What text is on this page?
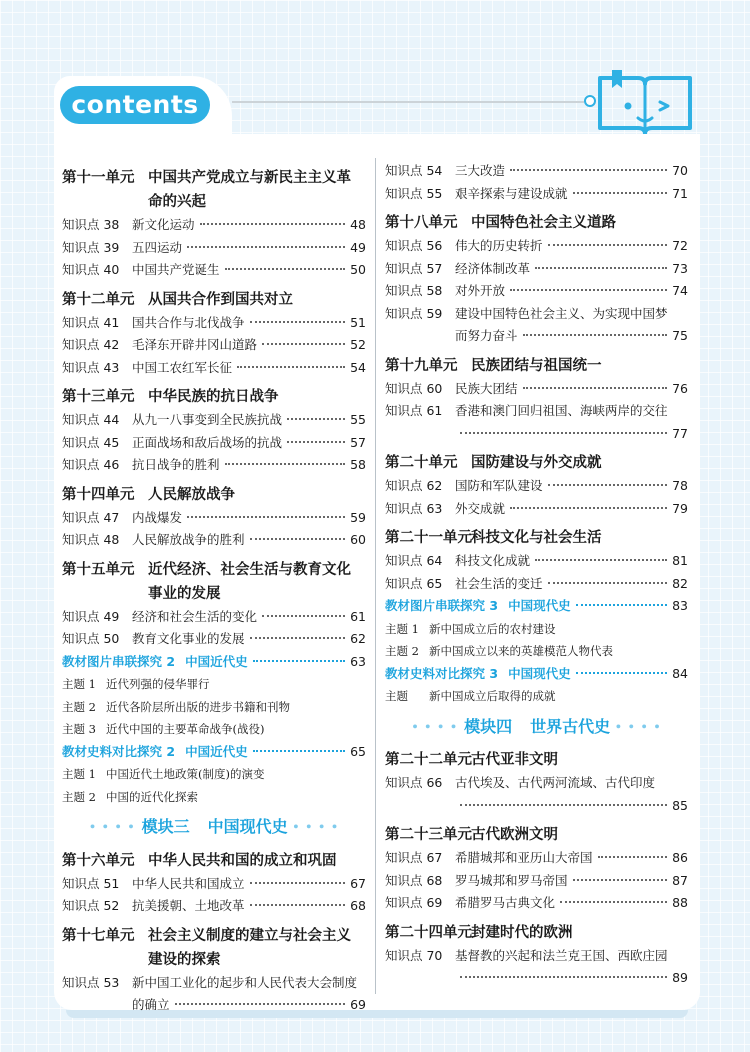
contents
第十一单元 中国共产党成立与新民主主义革
命的兴起
知识点 38	新文化运动	48
知识点 39	五四运动	49
知识点 40	中国共产党诞生	50
第十二单元 从国共合作到国共对立
知识点 41	国共合作与北伐战争	51
知识点 42	毛泽东开辟井冈山道路	52
知识点 43	中国工农红军长征	54
第十三单元 中华民族的抗日战争
知识点 44	从九一八事变到全民族抗战	55
知识点 45	正面战场和敌后战场的抗战	57
知识点 46	抗日战争的胜利	58
第十四单元 人民解放战争
知识点 47	内战爆发	59
知识点 48	人民解放战争的胜利	60
第十五单元 近代经济、社会生活与教育文化
事业的发展
知识点 49	经济和社会生活的变化	61
知识点 50	教育文化事业的发展	62
教材图片串联探究 2 中国近代史	63
主题 1 近代列强的侵华罪行
主题 2 近代各阶层所出版的进步书籍和刊物
主题 3 近代中国的主要革命战争(战役)
教材史料对比探究 2 中国近代史	65
主题 1 中国近代土地政策(制度)的演变
主题 2 中国的近代化探索
• • • • 模块三 中国现代史 • • • •
第十六单元 中华人民共和国的成立和巩固
知识点 51	中华人民共和国成立	67
知识点 52	抗美援朝、土地改革	68
第十七单元 社会主义制度的建立与社会主义
建设的探索
知识点 53	新中国工业化的起步和人民代表大会制度
的确立	69
知识点 54	三大改造	70
知识点 55	艰辛探索与建设成就	71
第十八单元 中国特色社会主义道路
知识点 56	伟大的历史转折	72
知识点 57	经济体制改革	73
知识点 58	对外开放	74
知识点 59	建设中国特色社会主义、为实现中国梦
而努力奋斗	75
第十九单元 民族团结与祖国统一
知识点 60	民族大团结	76
知识点 61	香港和澳门回归祖国、海峡两岸的交往
77
第二十单元 国防建设与外交成就
知识点 62	国防和军队建设	78
知识点 63	外交成就	79
第二十一单元科技文化与社会生活
知识点 64	科技文化成就	81
知识点 65	社会生活的变迁	82
教材图片串联探究 3 中国现代史	83
主题 1 新中国成立后的农村建设
主题 2 新中国成立以来的英雄模范人物代表
教材史料对比探究 3 中国现代史	84
主题 新中国成立后取得的成就
• • • • 模块四 世界古代史 • • • •
第二十二单元古代亚非文明
知识点 66	古代埃及、古代两河流域、古代印度
85
第二十三单元古代欧洲文明
知识点 67	希腊城邦和亚历山大帝国	86
知识点 68	罗马城邦和罗马帝国	87
知识点 69	希腊罗马古典文化	88
第二十四单元封建时代的欧洲
知识点 70	基督教的兴起和法兰克王国、西欧庄园
89
